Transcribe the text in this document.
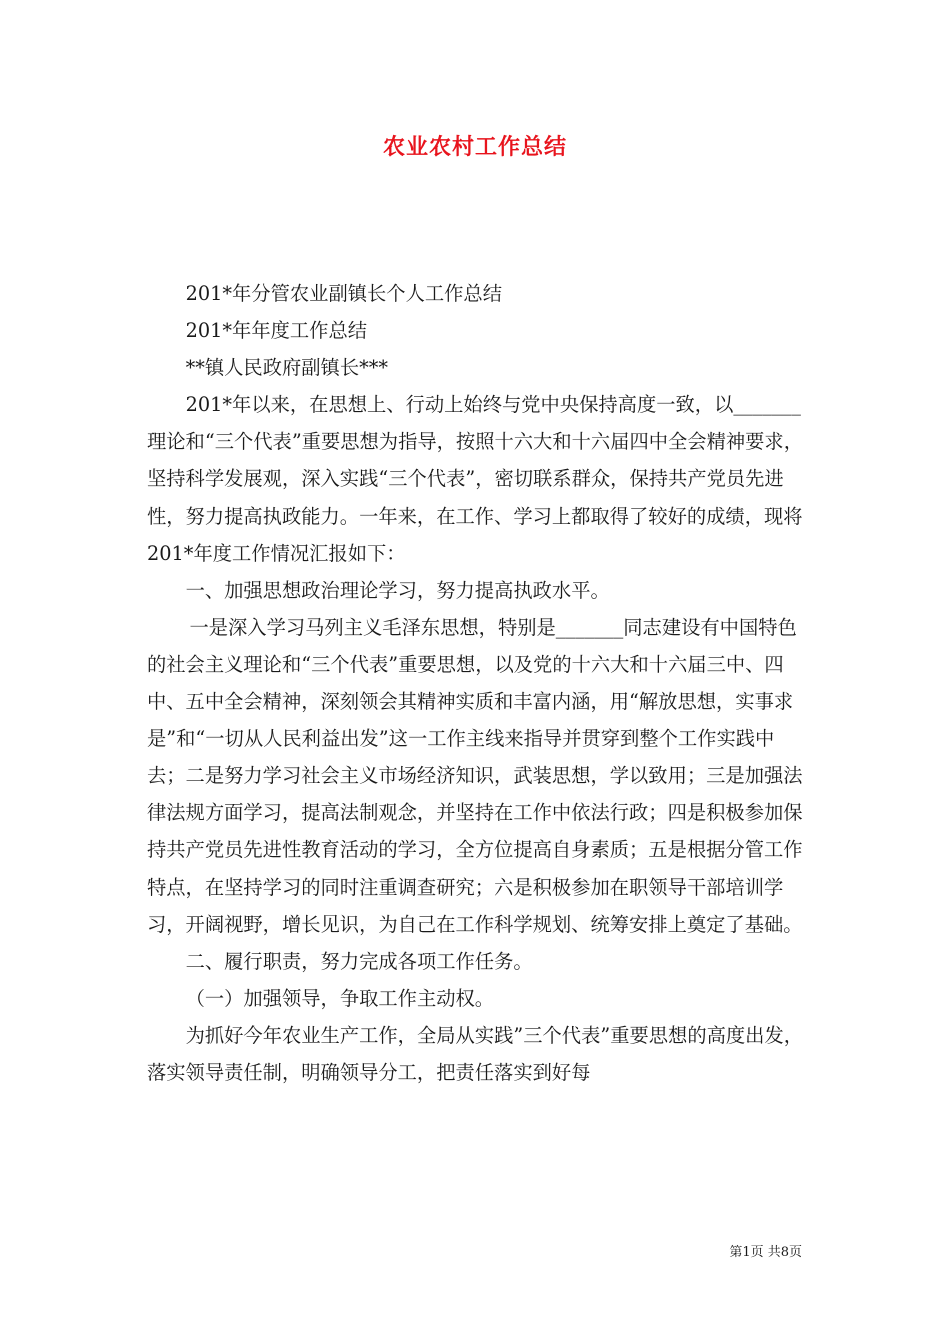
农业农村工作总结

201*年分管农业副镇长个人工作总结

201*年年度工作总结

**镇人民政府副镇长***

201*年以来，在思想上、行动上始终与党中央保持高度一致，以_______理论和“三个代表”重要思想为指导，按照十六大和十六届四中全会精神要求，坚持科学发展观，深入实践“三个代表”，密切联系群众，保持共产党员先进性，努力提高执政能力。一年来，在工作、学习上都取得了较好的成绩，现将201*年度工作情况汇报如下：

一、加强思想政治理论学习，努力提高执政水平。

一是深入学习马列主义毛泽东思想，特别是_______同志建设有中国特色的社会主义理论和“三个代表”重要思想，以及党的十六大和十六届三中、四中、五中全会精神，深刻领会其精神实质和丰富内涵，用“解放思想，实事求是”和“一切从人民利益出发”这一工作主线来指导并贯穿到整个工作实践中去；二是努力学习社会主义市场经济知识，武装思想，学以致用；三是加强法律法规方面学习，提高法制观念，并坚持在工作中依法行政；四是积极参加保持共产党员先进性教育活动的学习，全方位提高自身素质；五是根据分管工作特点，在坚持学习的同时注重调查研究；六是积极参加在职领导干部培训学习，开阔视野，增长见识，为自己在工作科学规划、统筹安排上奠定了基础。

二、履行职责，努力完成各项工作任务。

（一）加强领导，争取工作主动权。

为抓好今年农业生产工作，全局从实践”三个代表”重要思想的高度出发，落实领导责任制，明确领导分工，把责任落实到好每

第1页 共8页
